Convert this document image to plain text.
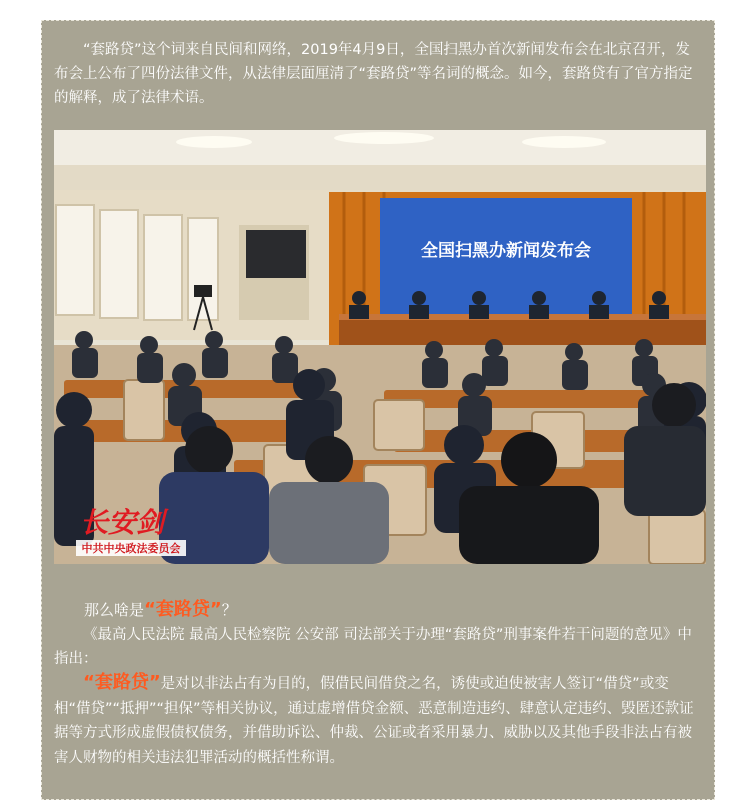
“套路贷”这个词来自民间和网络，2019年4月9日，全国扫黑办首次新闻发布会在北京召开，发布会上公布了四份法律文件，从法律层面厘清了“套路贷”等名词的概念。如今，套路贷有了官方指定的解释，成了法律术语。

全国扫黑办新闻发布会
长安剑
中共中央政法委员会

那么啥是“套路贷”？

《最高人民法院 最高人民检察院 公安部 司法部关于办理“套路贷”刑事案件若干问题的意见》中指出：

“套路贷”是对以非法占有为目的，假借民间借贷之名，诱使或迫使被害人签订“借贷”或变相“借贷”“抵押”“担保”等相关协议，通过虚增借贷金额、恶意制造违约、肆意认定违约、毁匿还款证据等方式形成虚假债权债务，并借助诉讼、仲裁、公证或者采用暴力、威胁以及其他手段非法占有被害人财物的相关违法犯罪活动的概括性称谓。
